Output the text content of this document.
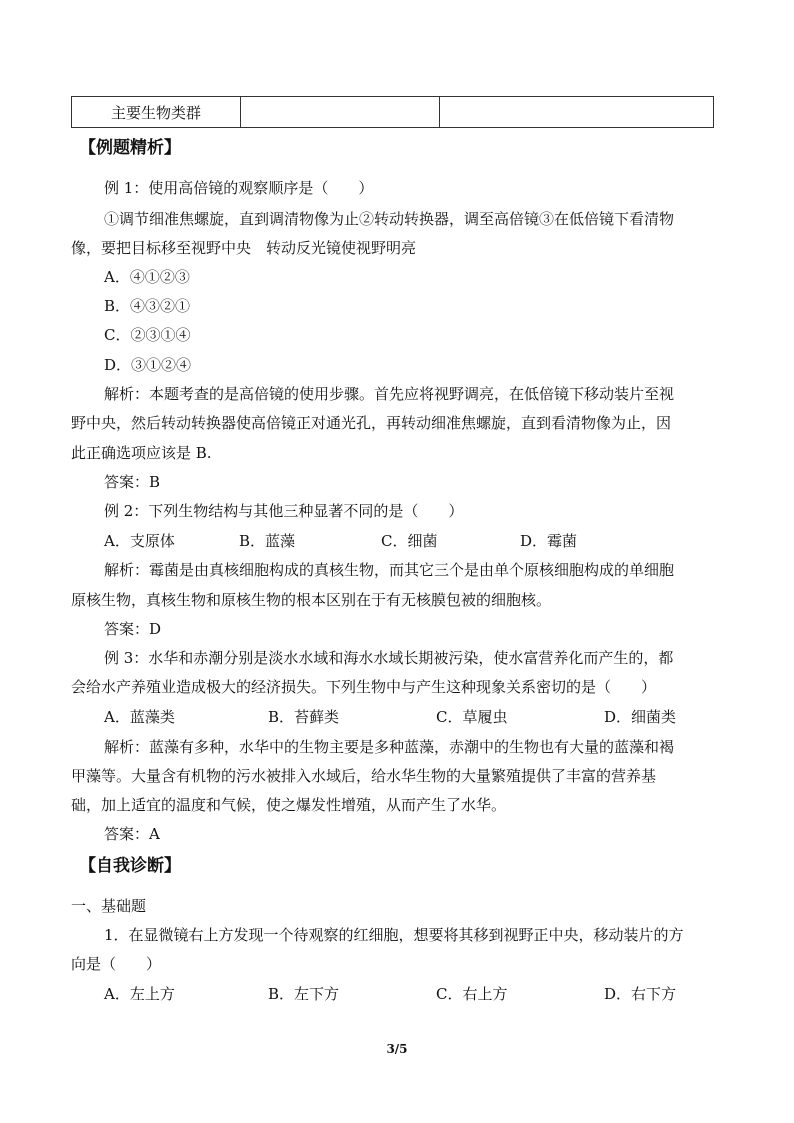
主要生物类群		
【例题精析】
例 1：使用高倍镜的观察顺序是（　　）
①调节细准焦螺旋，直到调清物像为止②转动转换器，调至高倍镜③在低倍镜下看清物
像，要把目标移至视野中央　转动反光镜使视野明亮
A．④①②③
B．④③②①
C．②③①④
D．③①②④
解析：本题考查的是高倍镜的使用步骤。首先应将视野调亮，在低倍镜下移动装片至视
野中央，然后转动转换器使高倍镜正对通光孔，再转动细准焦螺旋，直到看清物像为止，因
此正确选项应该是 B.
答案：B
例 2：下列生物结构与其他三种显著不同的是（　　）
A．支原体	B．蓝藻	C．细菌	D．霉菌
解析：霉菌是由真核细胞构成的真核生物，而其它三个是由单个原核细胞构成的单细胞
原核生物，真核生物和原核生物的根本区别在于有无核膜包被的细胞核。
答案：D
例 3：水华和赤潮分别是淡水水域和海水水域长期被污染，使水富营养化而产生的，都
会给水产养殖业造成极大的经济损失。下列生物中与产生这种现象关系密切的是（　　）
A．蓝藻类	B．苔藓类	C．草履虫	D．细菌类
解析：蓝藻有多种，水华中的生物主要是多种蓝藻，赤潮中的生物也有大量的蓝藻和褐
甲藻等。大量含有机物的污水被排入水域后，给水华生物的大量繁殖提供了丰富的营养基
础，加上适宜的温度和气候，使之爆发性增殖，从而产生了水华。
答案：A
【自我诊断】
一、基础题
1．在显微镜右上方发现一个待观察的红细胞，想要将其移到视野正中央，移动装片的方
向是（　　）
A．左上方	B．左下方	C．右上方	D．右下方
3/5
